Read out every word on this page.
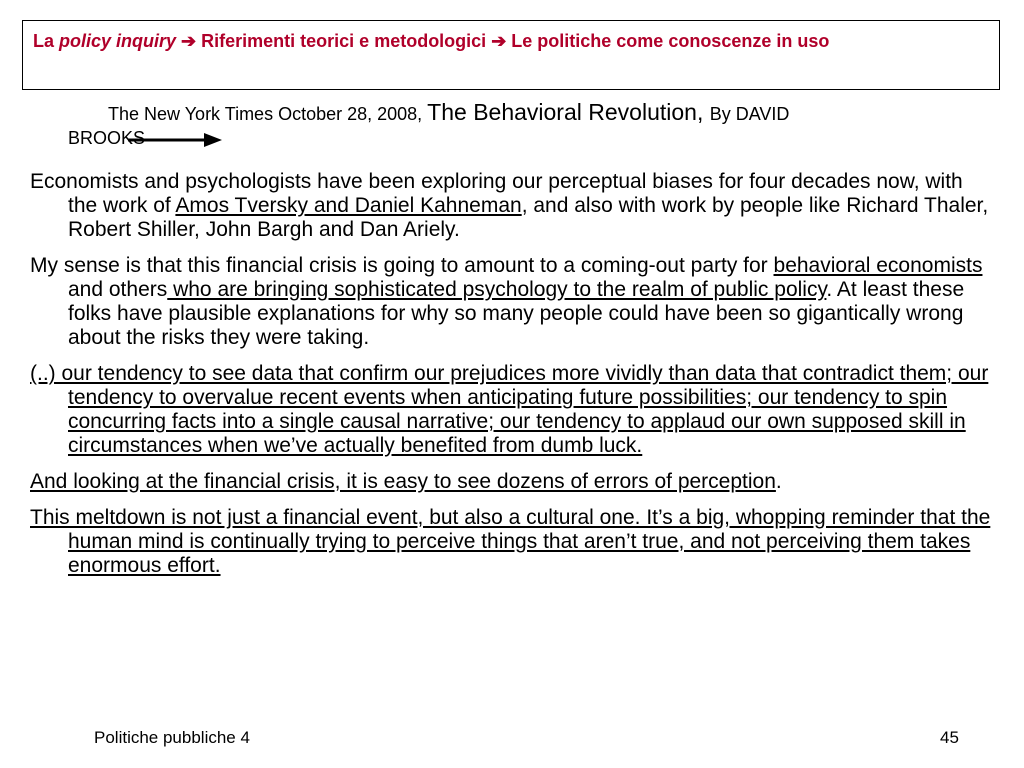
La policy inquiry ➔ Riferimenti teorici e metodologici ➔ Le politiche come conoscenze in uso
The New York Times October 28, 2008, The Behavioral Revolution, By DAVID
BROOKS

Economists and psychologists have been exploring our perceptual biases for four decades now, with the work of Amos Tversky and Daniel Kahneman, and also with work by people like Richard Thaler, Robert Shiller, John Bargh and Dan Ariely.

My sense is that this financial crisis is going to amount to a coming-out party for behavioral economists and others who are bringing sophisticated psychology to the realm of public policy. At least these folks have plausible explanations for why so many people could have been so gigantically wrong about the risks they were taking.

(..) our tendency to see data that confirm our prejudices more vividly than data that contradict them; our tendency to overvalue recent events when anticipating future possibilities; our tendency to spin concurring facts into a single causal narrative; our tendency to applaud our own supposed skill in circumstances when we’ve actually benefited from dumb luck.

And looking at the financial crisis, it is easy to see dozens of errors of perception.

This meltdown is not just a financial event, but also a cultural one. It’s a big, whopping reminder that the human mind is continually trying to perceive things that aren’t true, and not perceiving them takes enormous effort.

Politiche pubbliche 4	45
